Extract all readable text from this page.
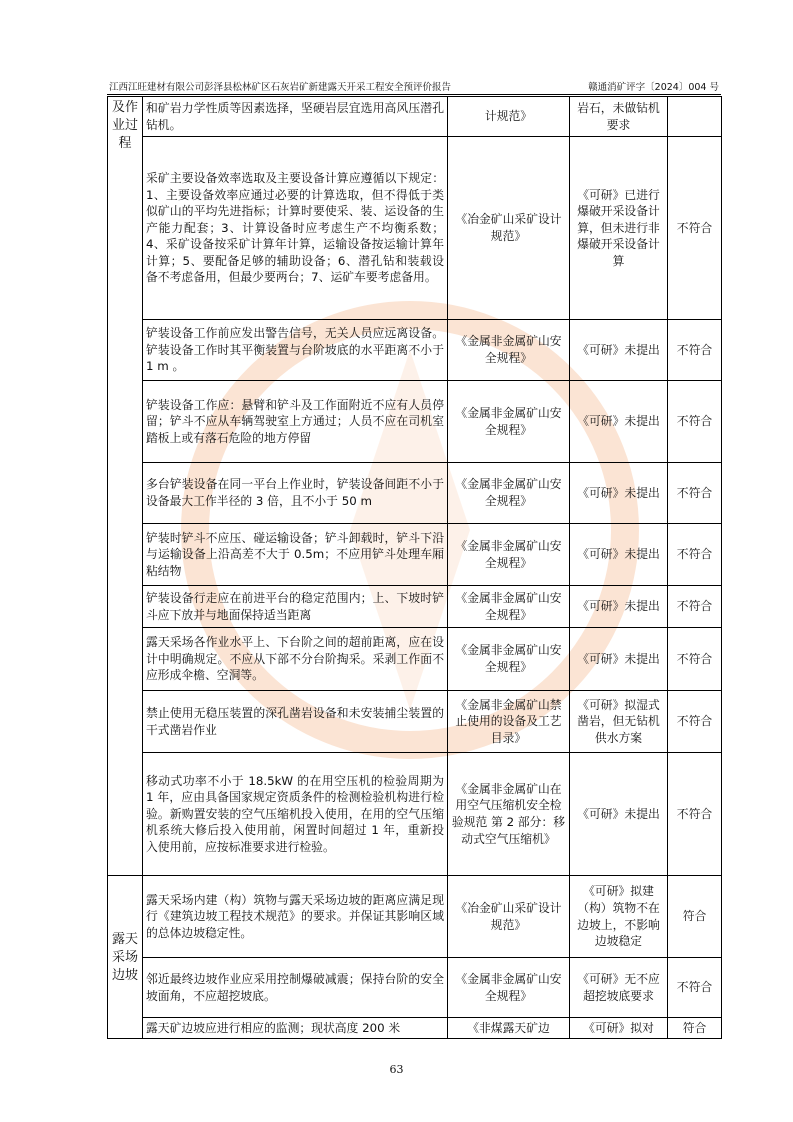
江西江旺建材有限公司彭泽县松林矿区石灰岩矿新建露天开采工程安全预评价报告	赣通消矿评字〔2024〕004 号
及作业过程	和矿岩力学性质等因素选择，坚硬岩层宜选用高风压潜孔钻机。	计规范》	岩石，未做钻机要求	
	采矿主要设备效率选取及主要设备计算应遵循以下规定：1、主要设备效率应通过必要的计算选取，但不得低于类似矿山的平均先进指标；计算时要使采、装、运设备的生产能力配套；3、计算设备时应考虑生产不均衡系数；4、采矿设备按采矿计算年计算，运输设备按运输计算年计算；5、要配备足够的辅助设备；6、潜孔钻和装载设备不考虑备用，但最少要两台；7、运矿车要考虑备用。	《冶金矿山采矿设计规范》	《可研》已进行爆破开采设备计算，但未进行非爆破开采设备计算	不符合
	铲装设备工作前应发出警告信号，无关人员应远离设备。铲装设备工作时其平衡装置与台阶坡底的水平距离不小于 1 m 。	《金属非金属矿山安全规程》	《可研》未提出	不符合
	铲装设备工作应：悬臂和铲斗及工作面附近不应有人员停留；铲斗不应从车辆驾驶室上方通过；人员不应在司机室踏板上或有落石危险的地方停留	《金属非金属矿山安全规程》	《可研》未提出	不符合
	多台铲装设备在同一平台上作业时，铲装设备间距不小于设备最大工作半径的 3 倍，且不小于 50 m	《金属非金属矿山安全规程》	《可研》未提出	不符合
	铲装时铲斗不应压、碰运输设备；铲斗卸载时，铲斗下沿与运输设备上沿高差不大于 0.5m；不应用铲斗处理车厢粘结物	《金属非金属矿山安全规程》	《可研》未提出	不符合
	铲装设备行走应在前进平台的稳定范围内；上、下坡时铲斗应下放并与地面保持适当距离	《金属非金属矿山安全规程》	《可研》未提出	不符合
	露天采场各作业水平上、下台阶之间的超前距离，应在设计中明确规定。不应从下部不分台阶掏采。采剥工作面不应形成伞檐、空洞等。	《金属非金属矿山安全规程》	《可研》未提出	不符合
	禁止使用无稳压装置的深孔凿岩设备和未安装捕尘装置的干式凿岩作业	《金属非金属矿山禁止使用的设备及工艺目录》	《可研》拟湿式凿岩，但无钻机供水方案	不符合
	移动式功率不小于 18.5kW 的在用空压机的检验周期为 1 年，应由具备国家规定资质条件的检测检验机构进行检验。新购置安装的空气压缩机投入使用，在用的空气压缩机系统大修后投入使用前，闲置时间超过 1 年，重新投入使用前，应按标准要求进行检验。	《金属非金属矿山在用空气压缩机安全检验规范 第 2 部分：移动式空气压缩机》	《可研》未提出	不符合
露天采场边坡	露天采场内建（构）筑物与露天采场边坡的距离应满足现行《建筑边坡工程技术规范》的要求。并保证其影响区域的总体边坡稳定性。	《冶金矿山采矿设计规范》	《可研》拟建（构）筑物不在边坡上，不影响边坡稳定	符合
	邻近最终边坡作业应采用控制爆破减震；保持台阶的安全坡面角，不应超挖坡底。	《金属非金属矿山安全规程》	《可研》无不应超挖坡底要求	不符合
	露天矿边坡应进行相应的监测；现状高度 200 米	《非煤露天矿边	《可研》拟对	符合
63
